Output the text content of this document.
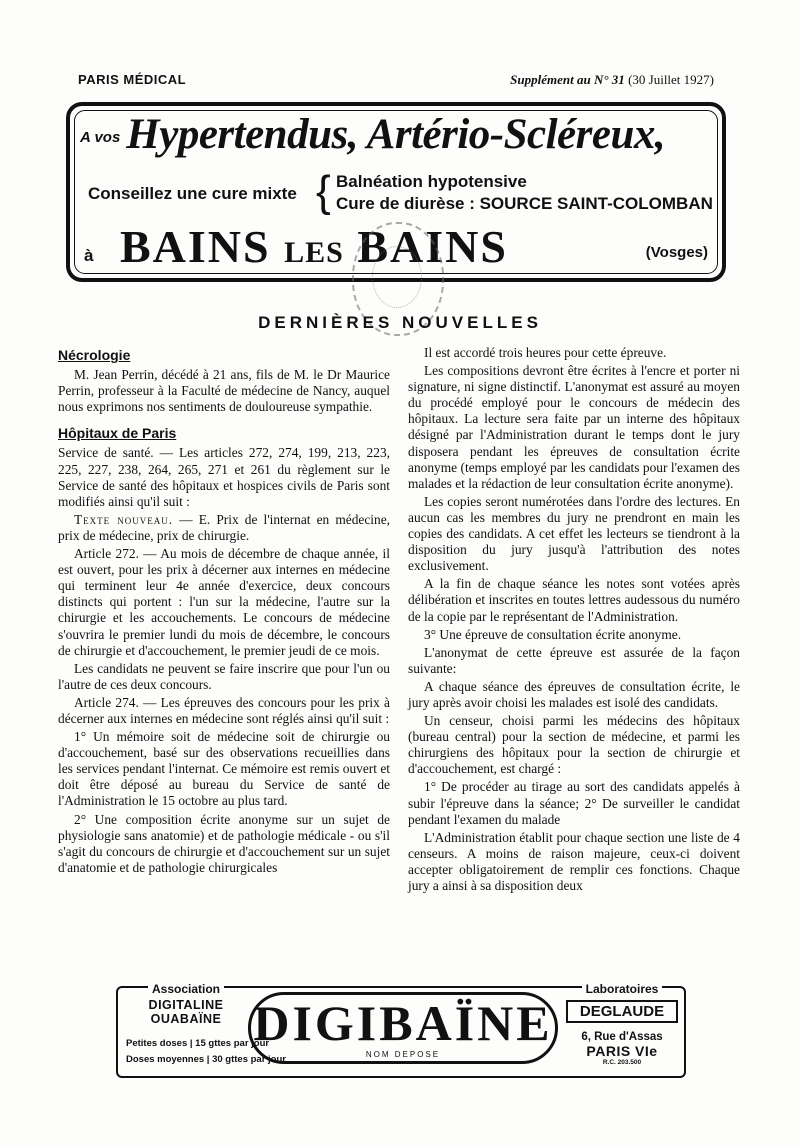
PARIS MÉDICAL	Supplément au N° 31 (30 Juillet 1927)
A vos Hypertendus, Artério-Scléreux,
Conseillez une cure mixte { Balnéation hypotensive
Cure de diurèse : SOURCE SAINT-COLOMBAN
à BAINS LES BAINS	(Vosges)
DERNIÈRES NOUVELLES
Nécrologie

M. Jean Perrin, décédé à 21 ans, fils de M. le Dr Maurice Perrin, professeur à la Faculté de médecine de Nancy, auquel nous exprimons nos sentiments de douloureuse sympathie.

Hôpitaux de Paris

Service de santé. — Les articles 272, 274, 199, 213, 223, 225, 227, 238, 264, 265, 271 et 261 du règlement sur le Service de santé des hôpitaux et hospices civils de Paris sont modifiés ainsi qu'il suit :

Texte nouveau. — E. Prix de l'internat en médecine, prix de médecine, prix de chirurgie.

Article 272. — Au mois de décembre de chaque année, il est ouvert, pour les prix à décerner aux internes en médecine qui terminent leur 4e année d'exercice, deux concours distincts qui portent : l'un sur la médecine, l'autre sur la chirurgie et les accouchements. Le concours de médecine s'ouvrira le premier lundi du mois de décembre, le concours de chirurgie et d'accouchement, le premier jeudi de ce mois.

Les candidats ne peuvent se faire inscrire que pour l'un ou l'autre de ces deux concours.

Article 274. — Les épreuves des concours pour les prix à décerner aux internes en médecine sont réglés ainsi qu'il suit :

1° Un mémoire soit de médecine soit de chirurgie ou d'accouchement, basé sur des observations recueillies dans les services pendant l'internat. Ce mémoire est remis ouvert et doit être déposé au bureau du Service de santé de l'Administration le 15 octobre au plus tard.

2° Une composition écrite anonyme sur un sujet de physiologie sans anatomie) et de pathologie médicale - ou s'il s'agit du concours de chirurgie et d'accouchement sur un sujet d'anatomie et de pathologie chirurgicales

Il est accordé trois heures pour cette épreuve.

Les compositions devront être écrites à l'encre et porter ni signature, ni signe distinctif. L'anonymat est assuré au moyen du procédé employé pour le concours de médecin des hôpitaux. La lecture sera faite par un interne des hôpitaux désigné par l'Administration durant le temps dont le jury disposera pendant les épreuves de consultation écrite anonyme (temps employé par les candidats pour l'examen des malades et la rédaction de leur consultation écrite anonyme).

Les copies seront numérotées dans l'ordre des lectures. En aucun cas les membres du jury ne prendront en main les copies des candidats. A cet effet les lecteurs se tiendront à la disposition du jury jusqu'à l'attribution des notes exclusivement.

A la fin de chaque séance les notes sont votées après délibération et inscrites en toutes lettres audessous du numéro de la copie par le représentant de l'Administration.

3° Une épreuve de consultation écrite anonyme.

L'anonymat de cette épreuve est assurée de la façon suivante:

A chaque séance des épreuves de consultation écrite, le jury après avoir choisi les malades est isolé des candidats.

Un censeur, choisi parmi les médecins des hôpitaux (bureau central) pour la section de médecine, et parmi les chirurgiens des hôpitaux pour la section de chirurgie et d'accouchement, est chargé :

1° De procéder au tirage au sort des candidats appelés à subir l'épreuve dans la séance; 2° De surveiller le candidat pendant l'examen du malade

L'Administration établit pour chaque section une liste de 4 censeurs. A moins de raison majeure, ceux-ci doivent accepter obligatoirement de remplir ces fonctions. Chaque jury a ainsi à sa disposition deux

Association
DIGITALINE
OUABAÏNE
Petites doses | 15 gttes par jour
Doses moyennes | 30 gttes par jour
DIGIBAÏNE
NOM DEPOSE
Laboratoires
DEGLAUDE
6, Rue d'Assas
PARIS VIe
R.C. 203.500
